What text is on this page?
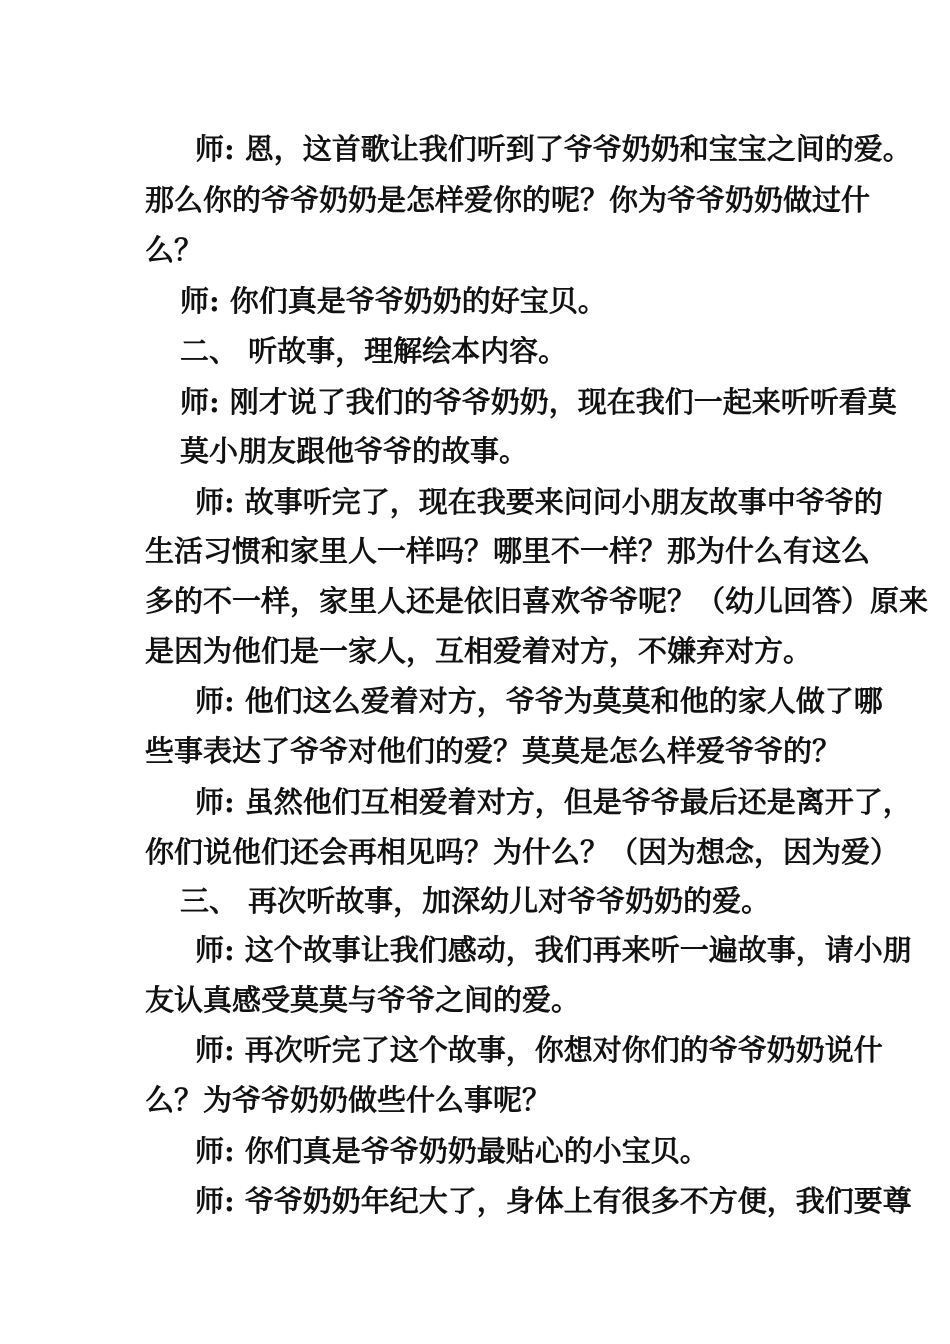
师: 恩，这首歌让我们听到了爷爷奶奶和宝宝之间的爱。
那么你的爷爷奶奶是怎样爱你的呢？你为爷爷奶奶做过什
么？
师: 你们真是爷爷奶奶的好宝贝。
二、 听故事，理解绘本内容。
师: 刚才说了我们的爷爷奶奶，现在我们一起来听听看莫
莫小朋友跟他爷爷的故事。
师: 故事听完了，现在我要来问问小朋友故事中爷爷的
生活习惯和家里人一样吗？哪里不一样？那为什么有这么
多的不一样，家里人还是依旧喜欢爷爷呢？（幼儿回答）原来
是因为他们是一家人，互相爱着对方，不嫌弃对方。
师: 他们这么爱着对方，爷爷为莫莫和他的家人做了哪
些事表达了爷爷对他们的爱？莫莫是怎么样爱爷爷的？
师: 虽然他们互相爱着对方，但是爷爷最后还是离开了，
你们说他们还会再相见吗？为什么？（因为想念，因为爱）
三、 再次听故事，加深幼儿对爷爷奶奶的爱。
师: 这个故事让我们感动，我们再来听一遍故事，请小朋
友认真感受莫莫与爷爷之间的爱。
师: 再次听完了这个故事，你想对你们的爷爷奶奶说什
么？为爷爷奶奶做些什么事呢？
师: 你们真是爷爷奶奶最贴心的小宝贝。
师: 爷爷奶奶年纪大了，身体上有很多不方便，我们要尊
